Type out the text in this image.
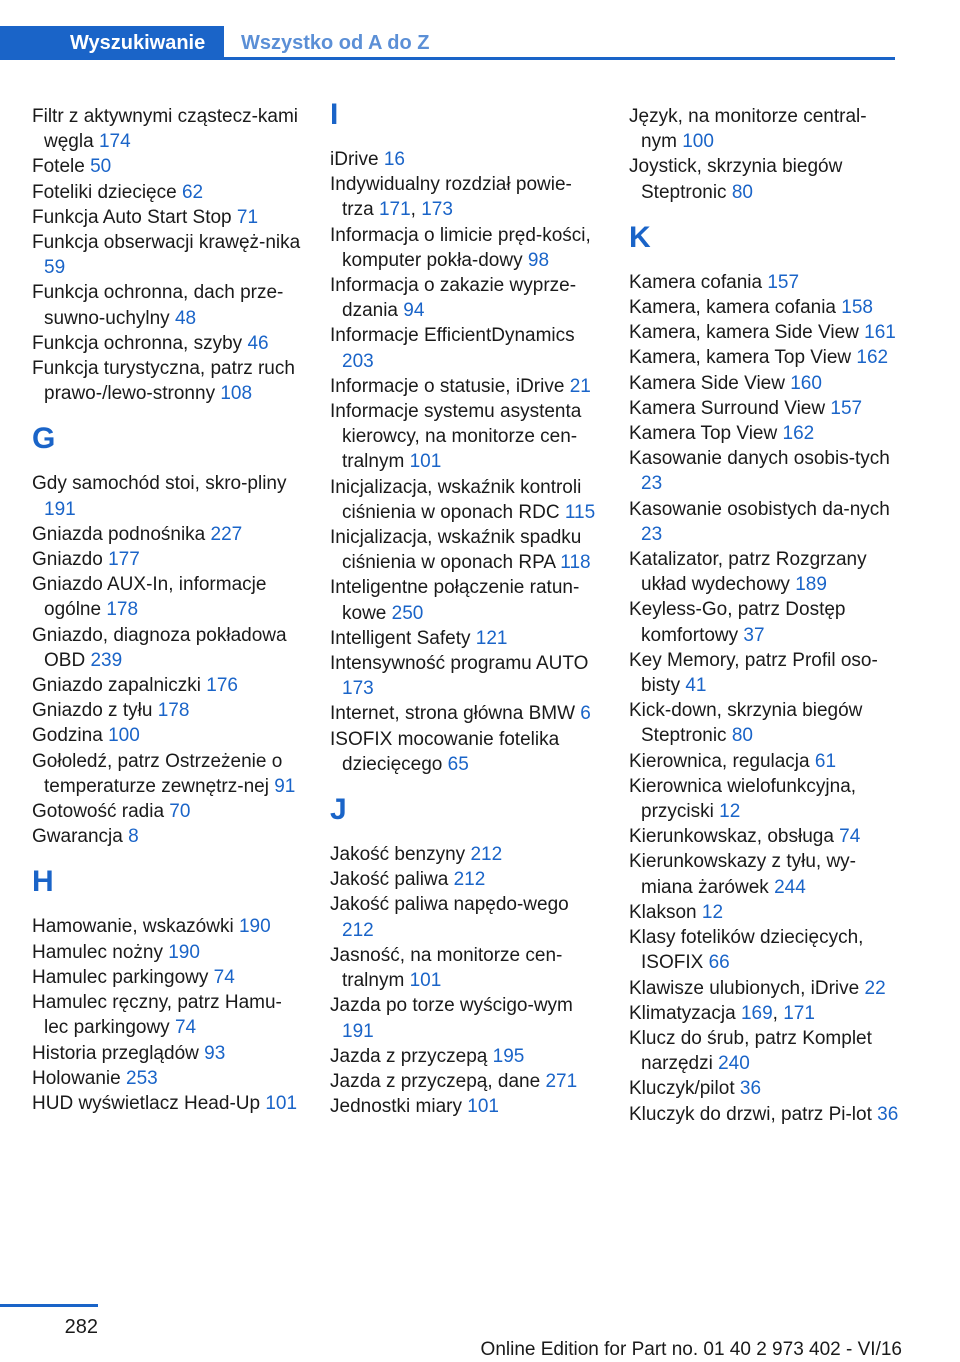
Wyszukiwanie	Wszystko od A do Z
Filtr z aktywnymi cząstecz‐kami węgla 174
Fotele 50
Foteliki dziecięce 62
Funkcja Auto Start Stop 71
Funkcja obserwacji krawęż‐nika 59
Funkcja ochronna, dach prze‐suwno-uchylny 48
Funkcja ochronna, szyby 46
Funkcja turystyczna, patrz ruch prawo-/lewo‐stronny 108
G
Gdy samochód stoi, skro‐pliny 191
Gniazda podnośnika 227
Gniazdo 177
Gniazdo AUX-In, informacje ogólne 178
Gniazdo, diagnoza pokładowa OBD 239
Gniazdo zapalniczki 176
Gniazdo z tyłu 178
Godzina 100
Gołoledź, patrz Ostrzeżenie o temperaturze zewnętrz‐nej 91
Gotowość radia 70
Gwarancja 8
H
Hamowanie, wskazówki 190
Hamulec nożny 190
Hamulec parkingowy 74
Hamulec ręczny, patrz Hamu‐lec parkingowy 74
Historia przeglądów 93
Holowanie 253
HUD wyświetlacz Head-Up 101
I
iDrive 16
Indywidualny rozdział powie‐trza 171, 173
Informacja o limicie pręd‐kości, komputer pokła‐dowy 98
Informacja o zakazie wyprze‐dzania 94
Informacje EfficientDynamics 203
Informacje o statusie, iDrive 21
Informacje systemu asystenta kierowcy, na monitorze cen‐tralnym 101
Inicjalizacja, wskaźnik kontroli ciśnienia w oponach RDC 115
Inicjalizacja, wskaźnik spadku ciśnienia w oponach RPA 118
Inteligentne połączenie ratun‐kowe 250
Intelligent Safety 121
Intensywność programu AUTO 173
Internet, strona główna BMW 6
ISOFIX mocowanie fotelika dziecięcego 65
J
Jakość benzyny 212
Jakość paliwa 212
Jakość paliwa napędo‐wego 212
Jasność, na monitorze cen‐tralnym 101
Jazda po torze wyścigo‐wym 191
Jazda z przyczepą 195
Jazda z przyczepą, dane 271
Jednostki miary 101
Język, na monitorze central‐nym 100
Joystick, skrzynia biegów Steptronic 80
K
Kamera cofania 157
Kamera, kamera cofania 158
Kamera, kamera Side View 161
Kamera, kamera Top View 162
Kamera Side View 160
Kamera Surround View 157
Kamera Top View 162
Kasowanie danych osobis‐tych 23
Kasowanie osobistych da‐nych 23
Katalizator, patrz Rozgrzany układ wydechowy 189
Keyless-Go, patrz Dostęp komfortowy 37
Key Memory, patrz Profil oso‐bisty 41
Kick-down, skrzynia biegów Steptronic 80
Kierownica, regulacja 61
Kierownica wielofunkcyjna, przyciski 12
Kierunkowskaz, obsługa 74
Kierunkowskazy z tyłu, wy‐miana żarówek 244
Klakson 12
Klasy fotelików dziecięcych, ISOFIX 66
Klawisze ulubionych, iDrive 22
Klimatyzacja 169, 171
Klucz do śrub, patrz Komplet narzędzi 240
Kluczyk/pilot 36
Kluczyk do drzwi, patrz Pi‐lot 36
282
Online Edition for Part no. 01 40 2 973 402 - VI/16
